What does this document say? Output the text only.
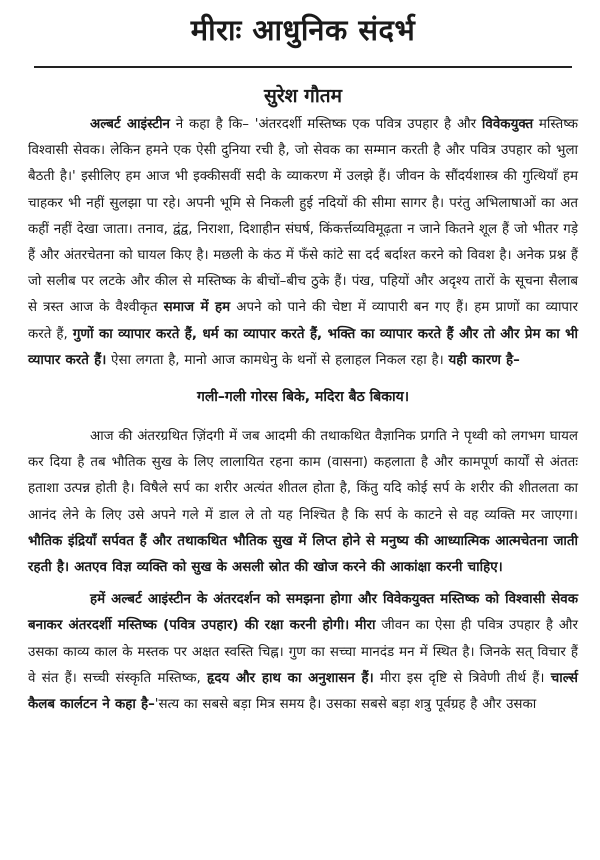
मीराः आधुनिक संदर्भ
सुरेश गौतम

अल्बर्ट आइंस्टीन ने कहा है कि– 'अंतरदर्शी मस्तिष्क एक पवित्र उपहार है और विवेकयुक्त मस्तिष्क विश्वासी सेवक। लेकिन हमने एक ऐसी दुनिया रची है, जो सेवक का सम्मान करती है और पवित्र उपहार को भुला बैठती है।' इसीलिए हम आज भी इक्कीसवीं सदी के व्याकरण में उलझे हैं। जीवन के सौंदर्यशास्त्र की गुत्थियाँ हम चाहकर भी नहीं सुलझा पा रहे। अपनी भूमि से निकली हुई नदियों की सीमा सागर है। परंतु अभिलाषाओं का अत कहीं नहीं देखा जाता। तनाव, द्वंद्व, निराशा, दिशाहीन संघर्ष, किंकर्त्तव्यविमूढ़ता न जाने कितने शूल हैं जो भीतर गड़े हैं और अंतरचेतना को घायल किए है। मछली के कंठ में फँसे कांटे सा दर्द बर्दाश्त करने को विवश है। अनेक प्रश्न हैं जो सलीब पर लटके और कील से मस्तिष्क के बीचों–बीच ठुके हैं। पंख, पहियों और अदृश्य तारों के सूचना सैलाब से त्रस्त आज के वैश्वीकृत समाज में हम अपने को पाने की चेष्टा में व्यापारी बन गए हैं। हम प्राणों का व्यापार करते हैं, गुणों का व्यापार करते हैं, धर्म का व्यापार करते हैं, भक्ति का व्यापार करते हैं और तो और प्रेम का भी व्यापार करते हैं। ऐसा लगता है, मानो आज कामधेनु के थनों से हलाहल निकल रहा है। यही कारण है–

गली–गली गोरस बिके, मदिरा बैठ बिकाय।

आज की अंतरग्रथित ज़िंदगी में जब आदमी की तथाकथित वैज्ञानिक प्रगति ने पृथ्वी को लगभग घायल कर दिया है तब भौतिक सुख के लिए लालायित रहना काम (वासना) कहलाता है और कामपूर्ण कार्यों से अंततः हताशा उत्पन्न होती है। विषैले सर्प का शरीर अत्यंत शीतल होता है, किंतु यदि कोई सर्प के शरीर की शीतलता का आनंद लेने के लिए उसे अपने गले में डाल ले तो यह निश्चित है कि सर्प के काटने से वह व्यक्ति मर जाएगा। भौतिक इंद्रियाँ सर्पवत हैं और तथाकथित भौतिक सुख में लिप्त होने से मनुष्य की आध्यात्मिक आत्मचेतना जाती रहती है। अतएव विज्ञ व्यक्ति को सुख के असली स्रोत की खोज करने की आकांक्षा करनी चाहिए।

हमें अल्बर्ट आइंस्टीन के अंतरदर्शन को समझना होगा और विवेकयुक्त मस्तिष्क को विश्वासी सेवक बनाकर अंतरदर्शी मस्तिष्क (पवित्र उपहार) की रक्षा करनी होगी। मीरा जीवन का ऐसा ही पवित्र उपहार है और उसका काव्य काल के मस्तक पर अक्षत स्वस्ति चिह्न। गुण का सच्चा मानदंड मन में स्थित है। जिनके सत् विचार हैं वे संत हैं। सच्ची संस्कृति मस्तिष्क, हृदय और हाथ का अनुशासन हैं। मीरा इस दृष्टि से त्रिवेणी तीर्थ हैं। चार्ल्स कैलब कार्लटन ने कहा है–'सत्य का सबसे बड़ा मित्र समय है। उसका सबसे बड़ा शत्रु पूर्वग्रह है और उसका
